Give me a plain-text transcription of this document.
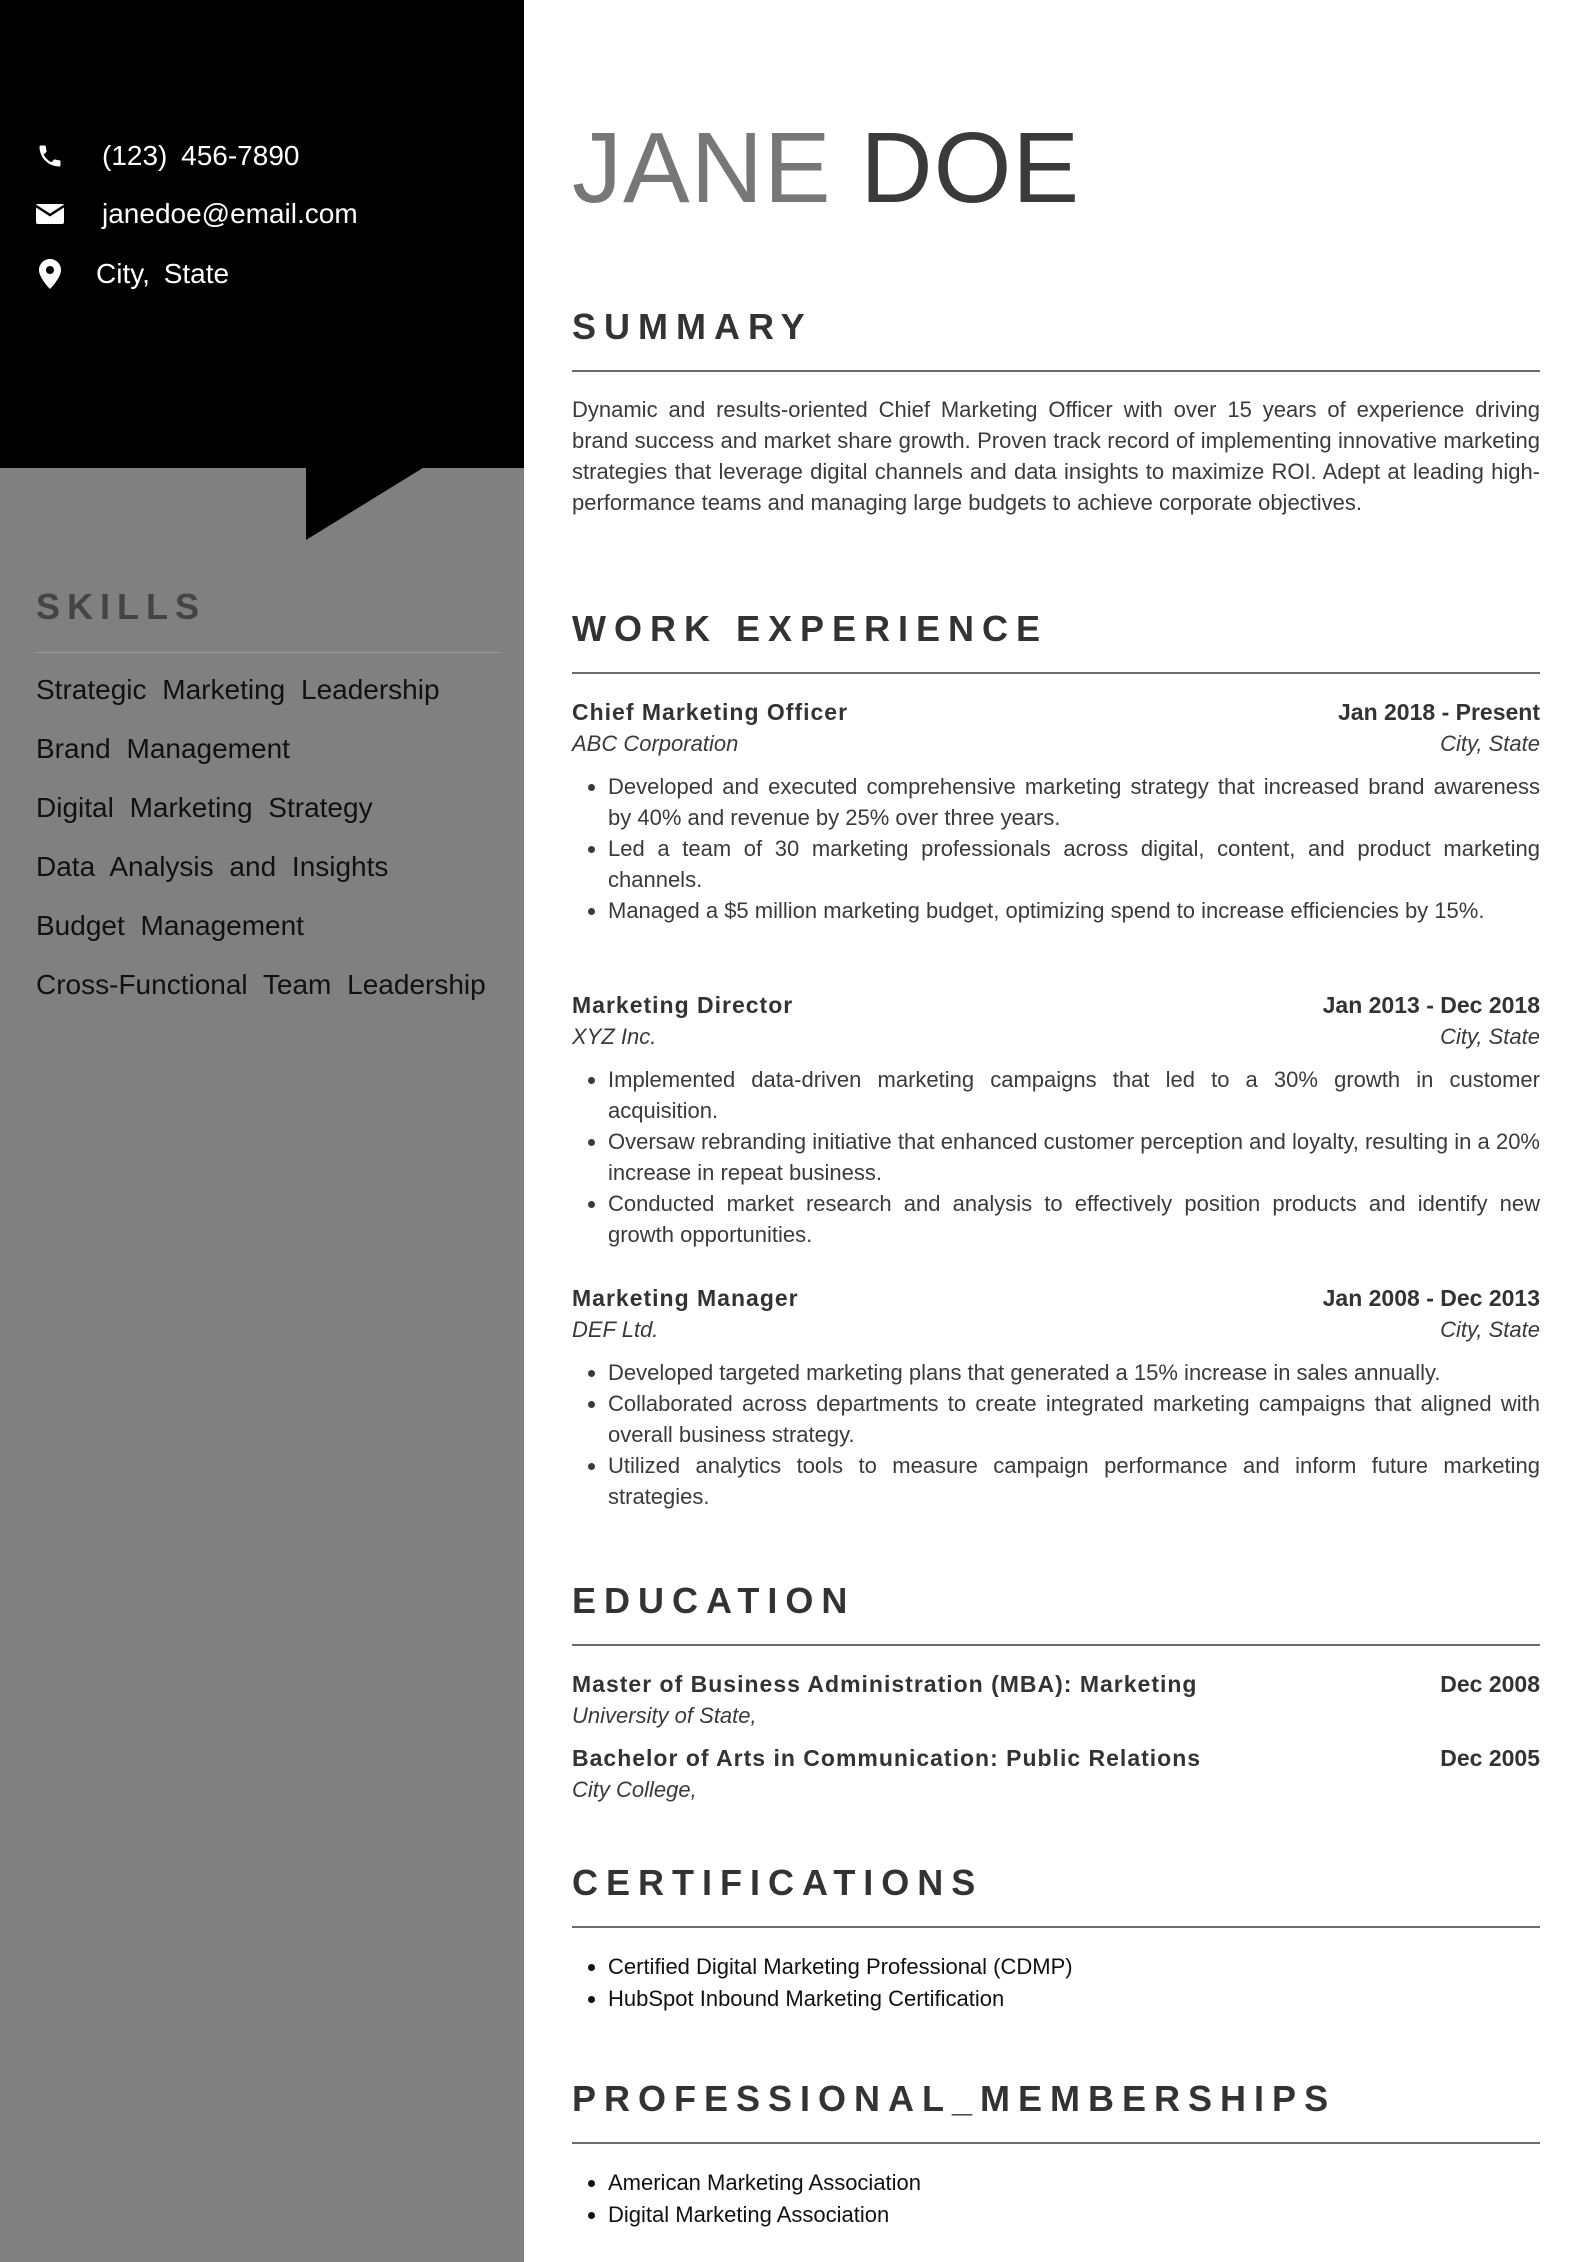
(123) 456-7890
janedoe@email.com
City, State
SKILLS
Strategic Marketing Leadership
Brand Management
Digital Marketing Strategy
Data Analysis and Insights
Budget Management
Cross-Functional Team Leadership
JANE DOE
SUMMARY

Dynamic and results-oriented Chief Marketing Officer with over 15 years of experience driving brand success and market share growth. Proven track record of implementing innovative marketing strategies that leverage digital channels and data insights to maximize ROI. Adept at leading high-performance teams and managing large budgets to achieve corporate objectives.

WORK EXPERIENCE
Chief Marketing Officer	Jan 2018 - Present
ABC Corporation	City, State
• Developed and executed comprehensive marketing strategy that increased brand awareness by 40% and revenue by 25% over three years.
• Led a team of 30 marketing professionals across digital, content, and product marketing channels.
• Managed a $5 million marketing budget, optimizing spend to increase efficiencies by 15%.
Marketing Director	Jan 2013 - Dec 2018
XYZ Inc.	City, State
• Implemented data-driven marketing campaigns that led to a 30% growth in customer acquisition.
• Oversaw rebranding initiative that enhanced customer perception and loyalty, resulting in a 20% increase in repeat business.
• Conducted market research and analysis to effectively position products and identify new growth opportunities.
Marketing Manager	Jan 2008 - Dec 2013
DEF Ltd.	City, State
• Developed targeted marketing plans that generated a 15% increase in sales annually.
• Collaborated across departments to create integrated marketing campaigns that aligned with overall business strategy.
• Utilized analytics tools to measure campaign performance and inform future marketing strategies.
EDUCATION
Master of Business Administration (MBA): Marketing	Dec 2008
University of State,
Bachelor of Arts in Communication: Public Relations	Dec 2005
City College,
CERTIFICATIONS
• Certified Digital Marketing Professional (CDMP)
• HubSpot Inbound Marketing Certification
PROFESSIONAL_MEMBERSHIPS
• American Marketing Association
• Digital Marketing Association
